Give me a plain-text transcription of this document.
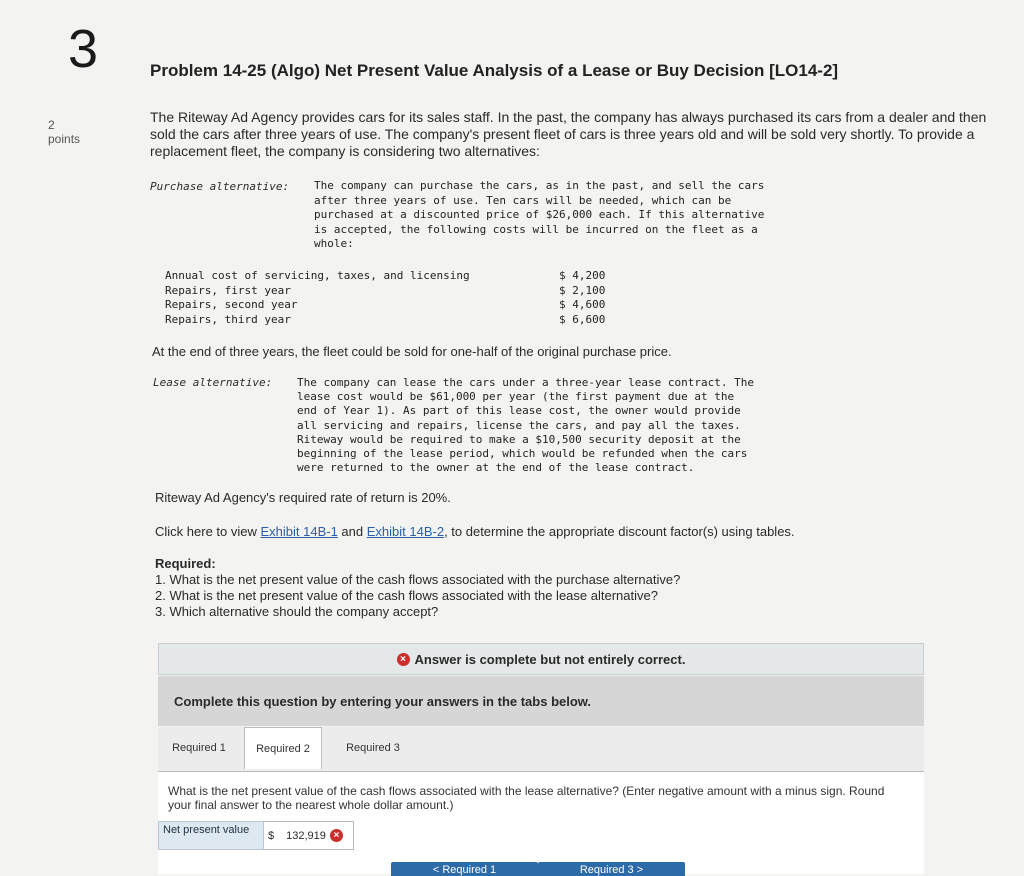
3
2
points
Problem 14-25 (Algo) Net Present Value Analysis of a Lease or Buy Decision [LO14-2]
The Riteway Ad Agency provides cars for its sales staff. In the past, the company has always purchased its cars from a dealer and then sold the cars after three years of use. The company's present fleet of cars is three years old and will be sold very shortly. To provide a replacement fleet, the company is considering two alternatives:
Purchase alternative: The company can purchase the cars, as in the past, and sell the cars
after three years of use. Ten cars will be needed, which can be
purchased at a discounted price of $26,000 each. If this alternative
is accepted, the following costs will be incurred on the fleet as a
whole:
Annual cost of servicing, taxes, and licensing	$ 4,200
Repairs, first year	$ 2,100
Repairs, second year	$ 4,600
Repairs, third year	$ 6,600
At the end of three years, the fleet could be sold for one-half of the original purchase price.
Lease alternative: The company can lease the cars under a three-year lease contract. The
lease cost would be $61,000 per year (the first payment due at the
end of Year 1). As part of this lease cost, the owner would provide
all servicing and repairs, license the cars, and pay all the taxes.
Riteway would be required to make a $10,500 security deposit at the
beginning of the lease period, which would be refunded when the cars
were returned to the owner at the end of the lease contract.
Riteway Ad Agency's required rate of return is 20%.
Click here to view Exhibit 14B-1 and Exhibit 14B-2, to determine the appropriate discount factor(s) using tables.
Required:
1. What is the net present value of the cash flows associated with the purchase alternative?
2. What is the net present value of the cash flows associated with the lease alternative?
3. Which alternative should the company accept?
× Answer is complete but not entirely correct.
Complete this question by entering your answers in the tabs below.
Required 1	Required 2	Required 3
What is the net present value of the cash flows associated with the lease alternative? (Enter negative amount with a minus sign. Round your final answer to the nearest whole dollar amount.)
Net present value	$ 132,919 ×
< Required 1	Required 3 >
